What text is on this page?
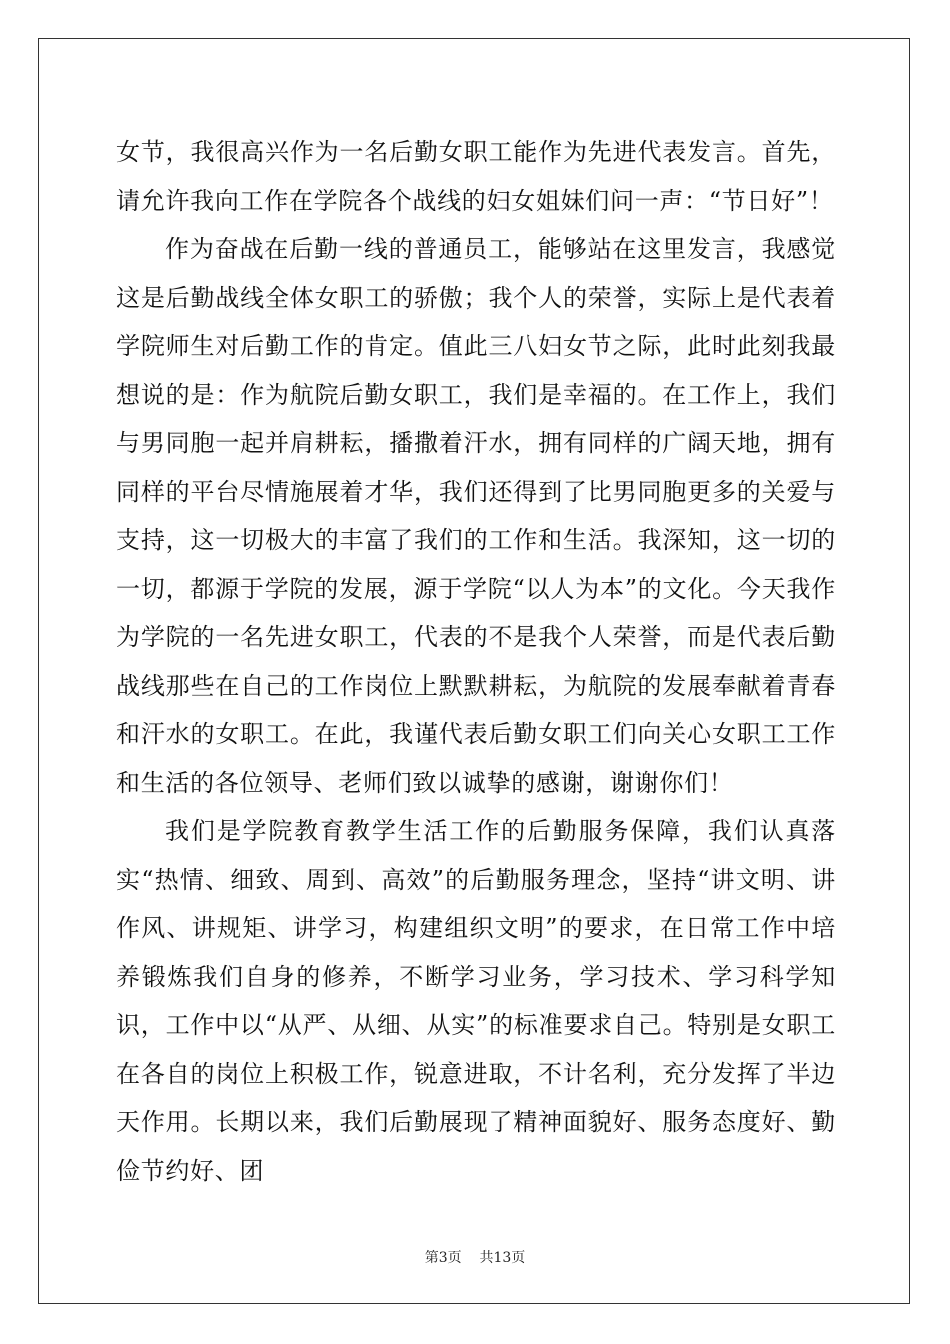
女节，我很高兴作为一名后勤女职工能作为先进代表发言。首先，请允许我向工作在学院各个战线的妇女姐妹们问一声：“节日好”！

作为奋战在后勤一线的普通员工，能够站在这里发言，我感觉这是后勤战线全体女职工的骄傲；我个人的荣誉，实际上是代表着学院师生对后勤工作的肯定。值此三八妇女节之际，此时此刻我最想说的是：作为航院后勤女职工，我们是幸福的。在工作上，我们与男同胞一起并肩耕耘，播撒着汗水，拥有同样的广阔天地，拥有同样的平台尽情施展着才华，我们还得到了比男同胞更多的关爱与支持，这一切极大的丰富了我们的工作和生活。我深知，这一切的一切，都源于学院的发展，源于学院“以人为本”的文化。今天我作为学院的一名先进女职工，代表的不是我个人荣誉，而是代表后勤战线那些在自己的工作岗位上默默耕耘，为航院的发展奉献着青春和汗水的女职工。在此，我谨代表后勤女职工们向关心女职工工作和生活的各位领导、老师们致以诚挚的感谢，谢谢你们！

我们是学院教育教学生活工作的后勤服务保障，我们认真落实“热情、细致、周到、高效”的后勤服务理念，坚持“讲文明、讲作风、讲规矩、讲学习，构建组织文明”的要求，在日常工作中培养锻炼我们自身的修养，不断学习业务，学习技术、学习科学知识，工作中以“从严、从细、从实”的标准要求自己。特别是女职工在各自的岗位上积极工作，锐意进取，不计名利，充分发挥了半边天作用。长期以来，我们后勤展现了精神面貌好、服务态度好、勤俭节约好、团

第3页    共13页
